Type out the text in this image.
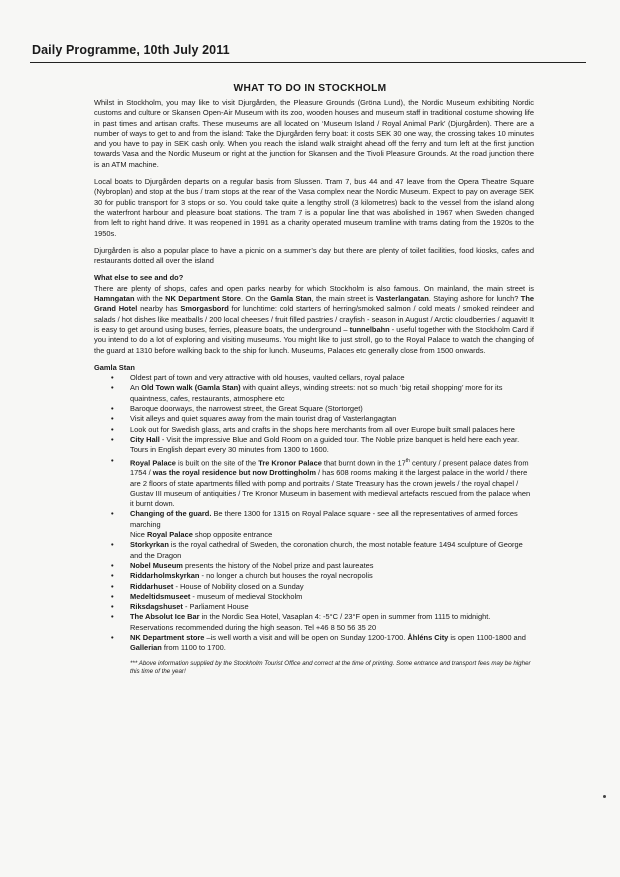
Daily Programme, 10th July 2011
WHAT TO DO IN STOCKHOLM

Whilst in Stockholm, you may like to visit Djurgården, the Pleasure Grounds (Gröna Lund), the Nordic Museum exhibiting Nordic customs and culture or Skansen Open-Air Museum with its zoo, wooden houses and museum staff in traditional costume showing life in past times and artisan crafts. These museums are all located on ‘Museum Island / Royal Animal Park’ (Djurgården). There are a number of ways to get to and from the island: Take the Djurgården ferry boat: it costs SEK 30 one way, the crossing takes 10 minutes and you have to pay in SEK cash only. When you reach the island walk straight ahead off the ferry and turn left at the first junction towards Vasa and the Nordic Museum or right at the junction for Skansen and the Tivoli Pleasure Grounds. At the road junction there is an ATM machine.

Local boats to Djurgården departs on a regular basis from Slussen. Tram 7, bus 44 and 47 leave from the Opera Theatre Square (Nybroplan) and stop at the bus / tram stops at the rear of the Vasa complex near the Nordic Museum. Expect to pay on average SEK 30 for public transport for 3 stops or so. You could take quite a lengthy stroll (3 kilometres) back to the vessel from the island along the waterfront harbour and pleasure boat stations. The tram 7 is a popular line that was abolished in 1967 when Sweden changed from left to right hand drive. It was reopened in 1991 as a charity operated museum tramline with trams dating from the 1920s to the 1950s.

Djurgården is also a popular place to have a picnic on a summer’s day but there are plenty of toilet facilities, food kiosks, cafes and restaurants dotted all over the island

What else to see and do?

There are plenty of shops, cafes and open parks nearby for which Stockholm is also famous. On mainland, the main street is Hamngatan with the NK Department Store. On the Gamla Stan, the main street is Vasterlangatan. Staying ashore for lunch? The Grand Hotel nearby has Smorgasbord for lunchtime: cold starters of herring/smoked salmon / cold meats / smoked reindeer and salads / hot dishes like meatballs / 200 local cheeses / fruit filled pastries / crayfish - season in August / Arctic cloudberries / aquavit! It is easy to get around using buses, ferries, pleasure boats, the underground – tunnelbahn - useful together with the Stockholm Card if you intend to do a lot of exploring and visiting museums. You might like to just stroll, go to the Royal Palace to watch the changing of the guard at 1310 before walking back to the ship for lunch. Museums, Palaces etc generally close from 1500 onwards.

Gamla Stan
• Oldest part of town and very attractive with old houses, vaulted cellars, royal palace
• An Old Town walk (Gamla Stan) with quaint alleys, winding streets: not so much ‘big retail shopping’ more for its quaintness, cafes, restaurants, atmosphere etc
• Baroque doorways, the narrowest street, the Great Square (Stortorget)
• Visit alleys and quiet squares away from the main tourist drag of Vasterlangagtan
• Look out for Swedish glass, arts and crafts in the shops here merchants from all over Europe built small palaces here
• City Hall - Visit the impressive Blue and Gold Room on a guided tour. The Noble prize banquet is held here each year. Tours in English depart every 30 minutes from 1300 to 1600.
• Royal Palace is built on the site of the Tre Kronor Palace that burnt down in the 17th century / present palace dates from 1754 / was the royal residence but now Drottingholm / has 608 rooms making it the largest palace in the world / there are 2 floors of state apartments filled with pomp and portraits / State Treasury has the crown jewels / the royal chapel / Gustav III museum of antiquities / Tre Kronor Museum in basement with medieval artefacts rescued from the palace when it burnt down.
• Changing of the guard. Be there 1300 for 1315 on Royal Palace square - see all the representatives of armed forces marching
Nice Royal Palace shop opposite entrance
• Storkyrkan is the royal cathedral of Sweden, the coronation church, the most notable feature 1494 sculpture of George and the Dragon
• Nobel Museum presents the history of the Nobel prize and past laureates
• Riddarholmskyrkan - no longer a church but houses the royal necropolis
• Riddarhuset - House of Nobility closed on a Sunday
• Medeltidsmuseet - museum of medieval Stockholm
• Riksdagshuset - Parliament House
• The Absolut Ice Bar in the Nordic Sea Hotel, Vasaplan 4: -5°C / 23°F open in summer from 1115 to midnight. Reservations recommended during the high season. Tel +46 8 50 56 35 20
• NK Department store –is well worth a visit and will be open on Sunday 1200-1700. Åhléns City is open 1100-1800 and Gallerian from 1100 to 1700.
*** Above information supplied by the Stockholm Tourist Office and correct at the time of printing. Some entrance and transport fees may be higher this time of the year!
